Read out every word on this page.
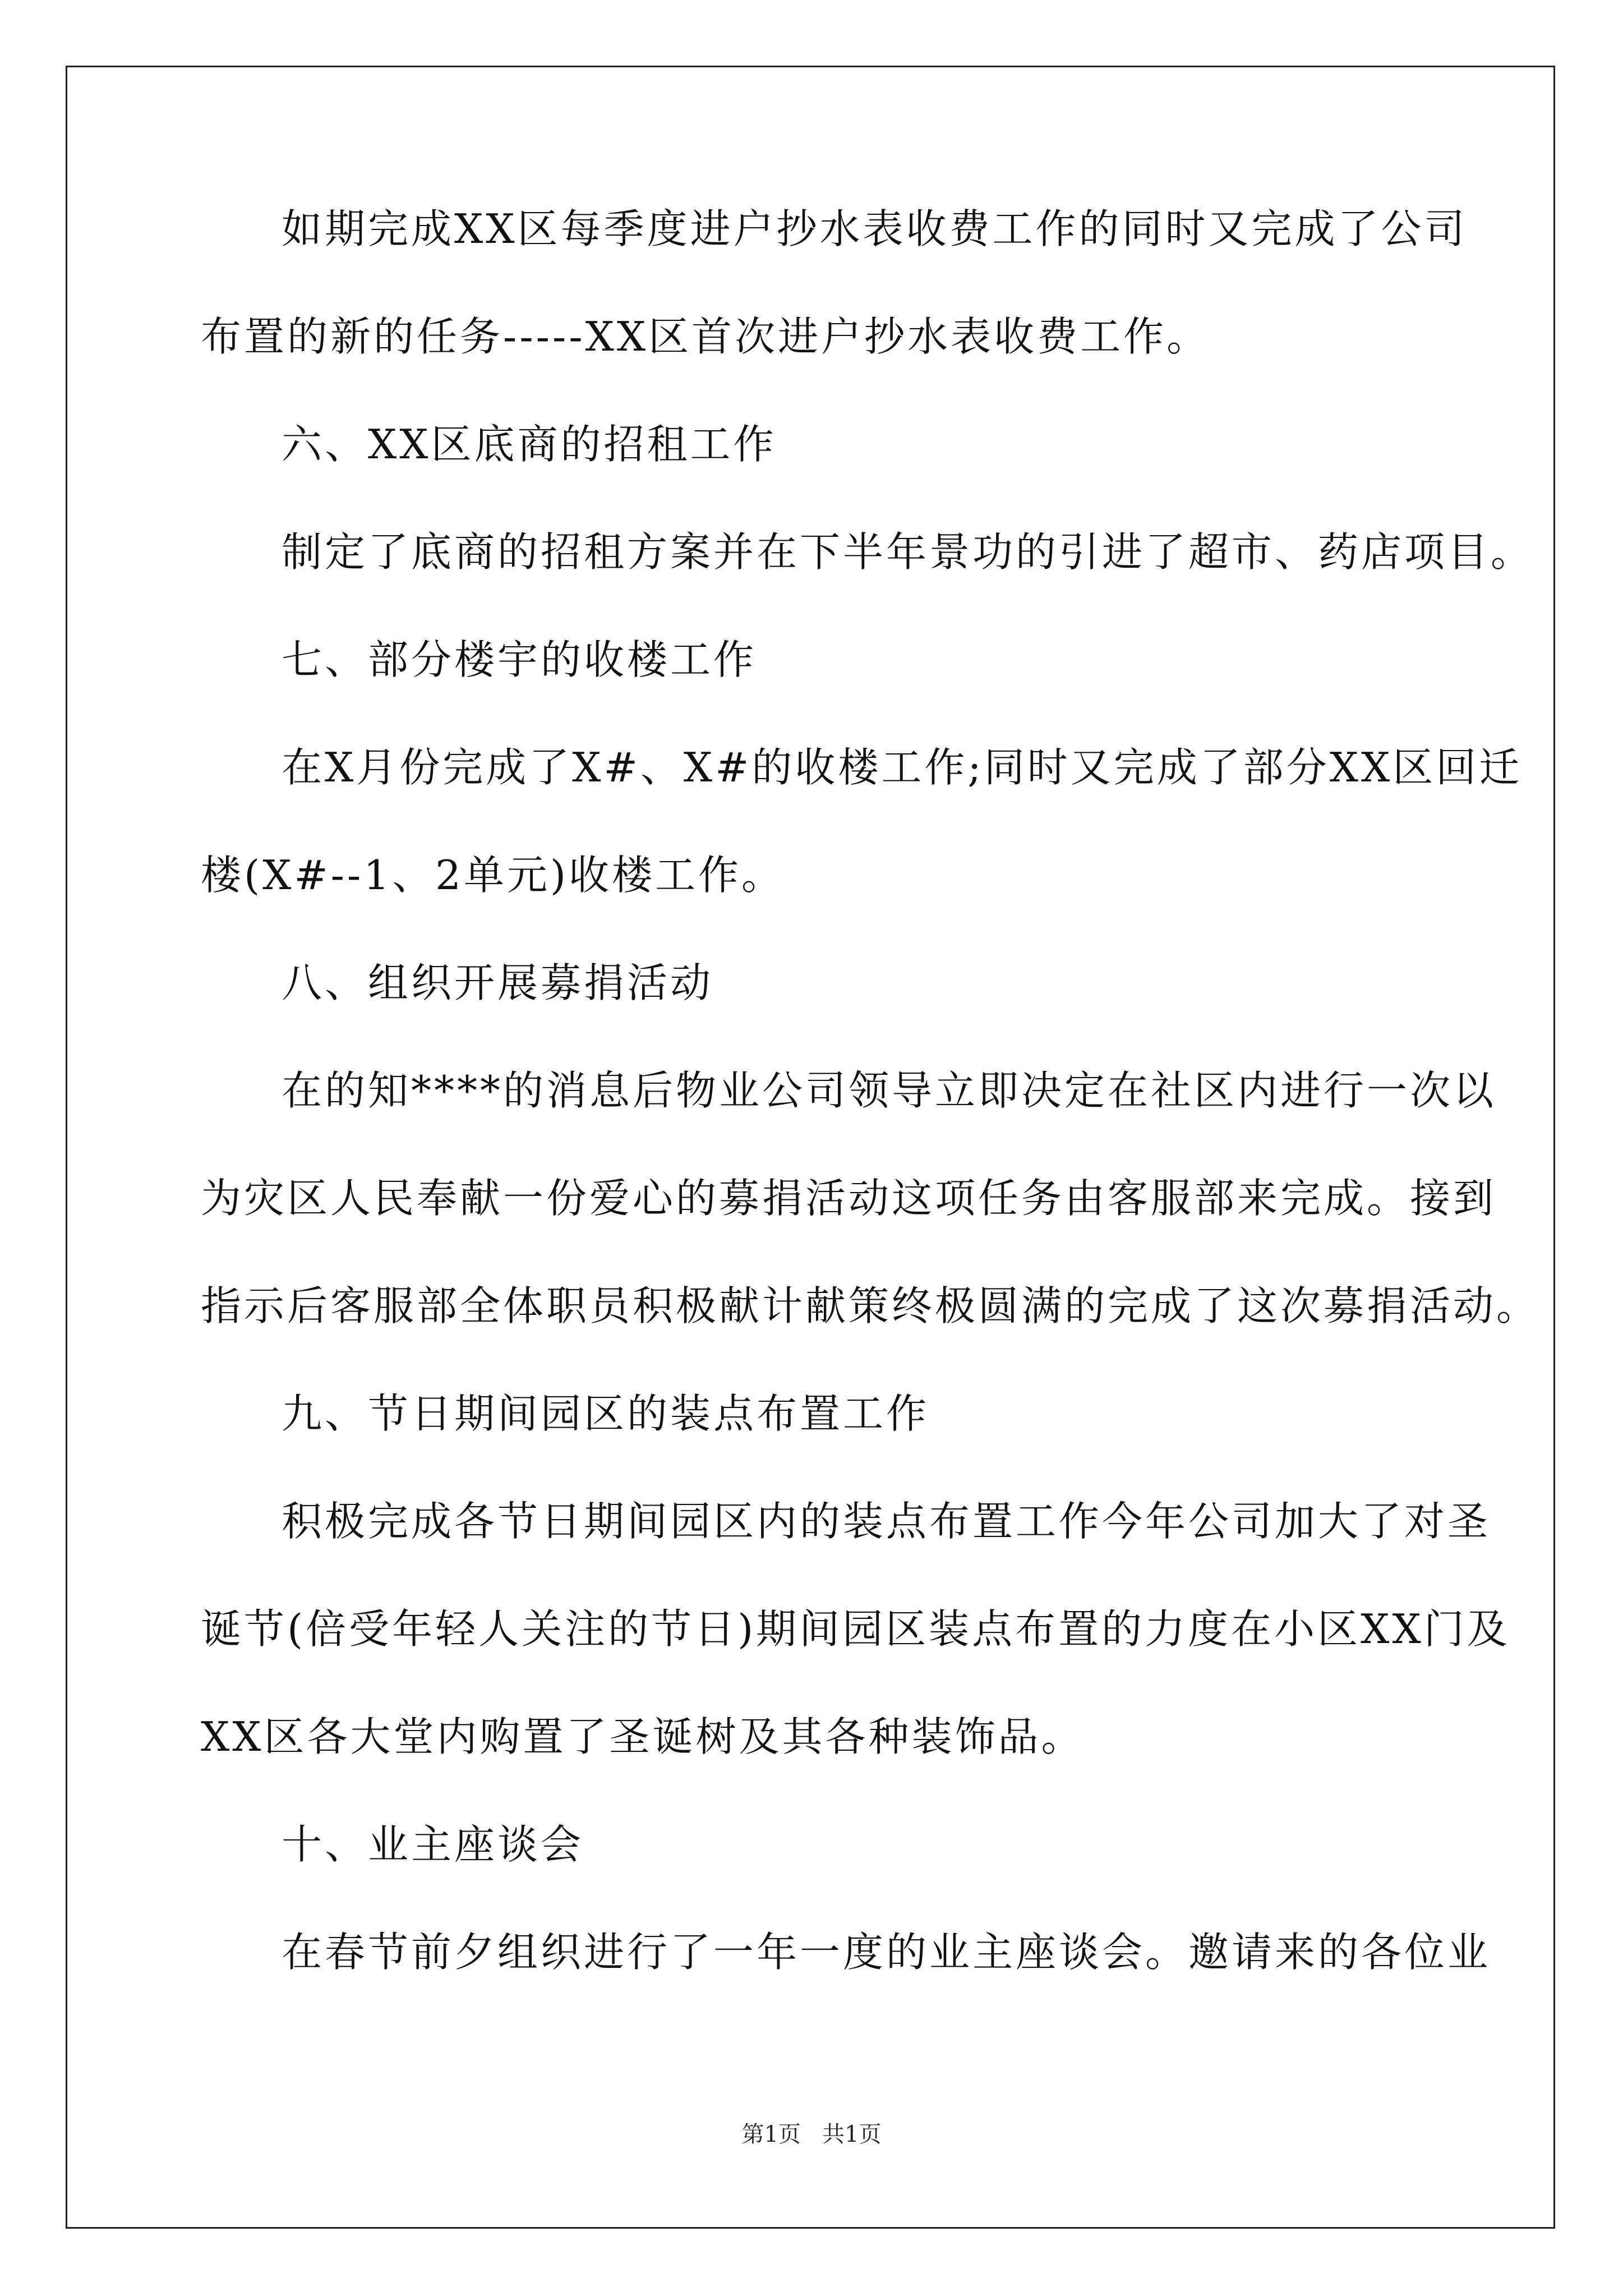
如期完成XX区每季度进户抄水表收费工作的同时又完成了公司
布置的新的任务-----XX区首次进户抄水表收费工作。
六、XX区底商的招租工作
制定了底商的招租方案并在下半年景功的引进了超市、药店项目。
七、部分楼宇的收楼工作
在X月份完成了X#、X#的收楼工作;同时又完成了部分XX区回迁
楼(X#--1、2单元)收楼工作。
八、组织开展募捐活动
在的知****的消息后物业公司领导立即决定在社区内进行一次以
为灾区人民奉献一份爱心的募捐活动这项任务由客服部来完成。接到
指示后客服部全体职员积极献计献策终极圆满的完成了这次募捐活动。
九、节日期间园区的装点布置工作
积极完成各节日期间园区内的装点布置工作今年公司加大了对圣
诞节(倍受年轻人关注的节日)期间园区装点布置的力度在小区XX门及
XX区各大堂内购置了圣诞树及其各种装饰品。
十、业主座谈会
在春节前夕组织进行了一年一度的业主座谈会。邀请来的各位业
第1页   共1页
